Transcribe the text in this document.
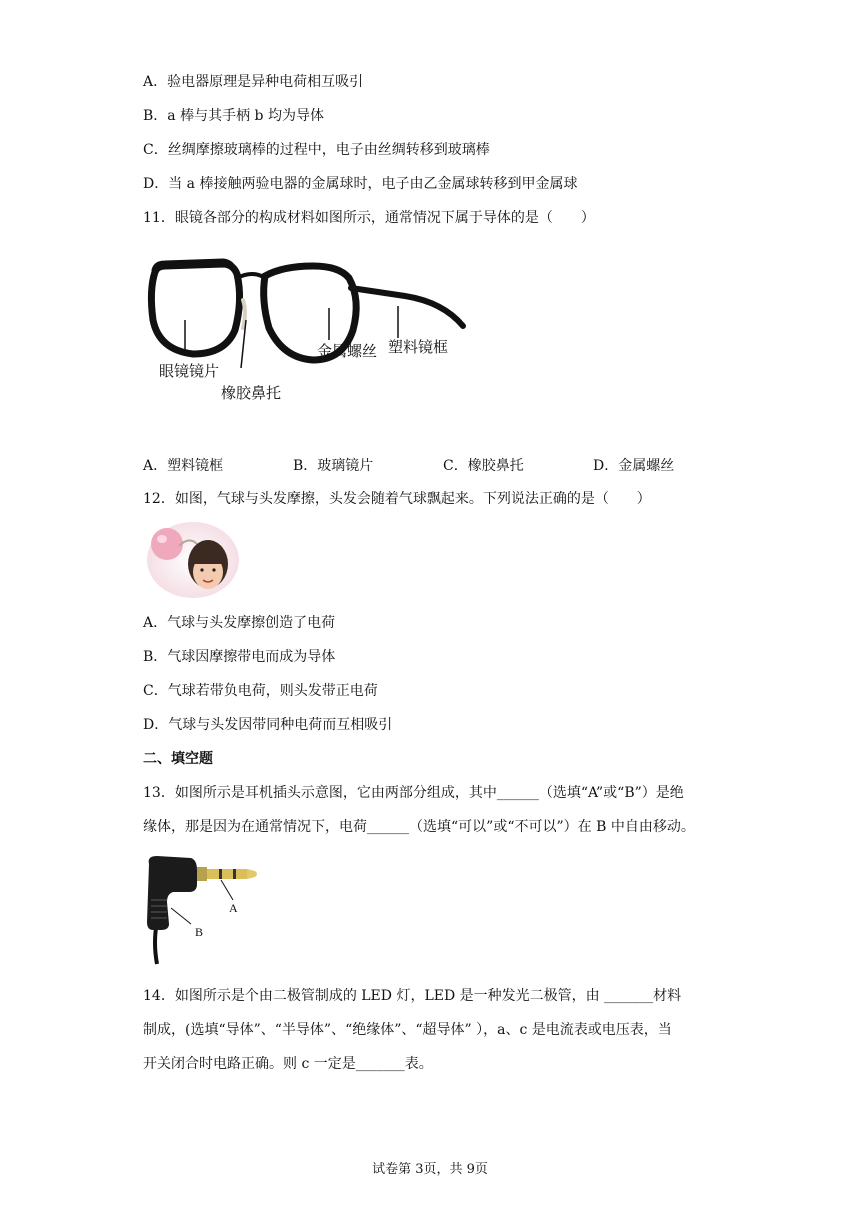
A．验电器原理是异种电荷相互吸引
B．a 棒与其手柄 b 均为导体
C．丝绸摩擦玻璃棒的过程中，电子由丝绸转移到玻璃棒
D．当 a 棒接触两验电器的金属球时，电子由乙金属球转移到甲金属球
11．眼镜各部分的构成材料如图所示，通常情况下属于导体的是（　　）
眼镜镜片
橡胶鼻托
金属螺丝 塑料镜框
A．塑料镜框	B．玻璃镜片	C．橡胶鼻托	D．金属螺丝
12．如图，气球与头发摩擦，头发会随着气球飘起来。下列说法正确的是（　　）
A．气球与头发摩擦创造了电荷
B．气球因摩擦带电而成为导体
C．气球若带负电荷，则头发带正电荷
D．气球与头发因带同种电荷而互相吸引
二、填空题
13．如图所示是耳机插头示意图，它由两部分组成，其中______（选填“A”或“B”）是绝
缘体，那是因为在通常情况下，电荷______（选填“可以”或“不可以”）在 B 中自由移动。
A
B
14．如图所示是个由二极管制成的 LED 灯，LED 是一种发光二极管，由 _______材料
制成，(选填“导体”、“半导体”、“绝缘体”、“超导体” ），a、c 是电流表或电压表，当
开关闭合时电路正确。则 c 一定是_______表。
试卷第 3页，共 9页
